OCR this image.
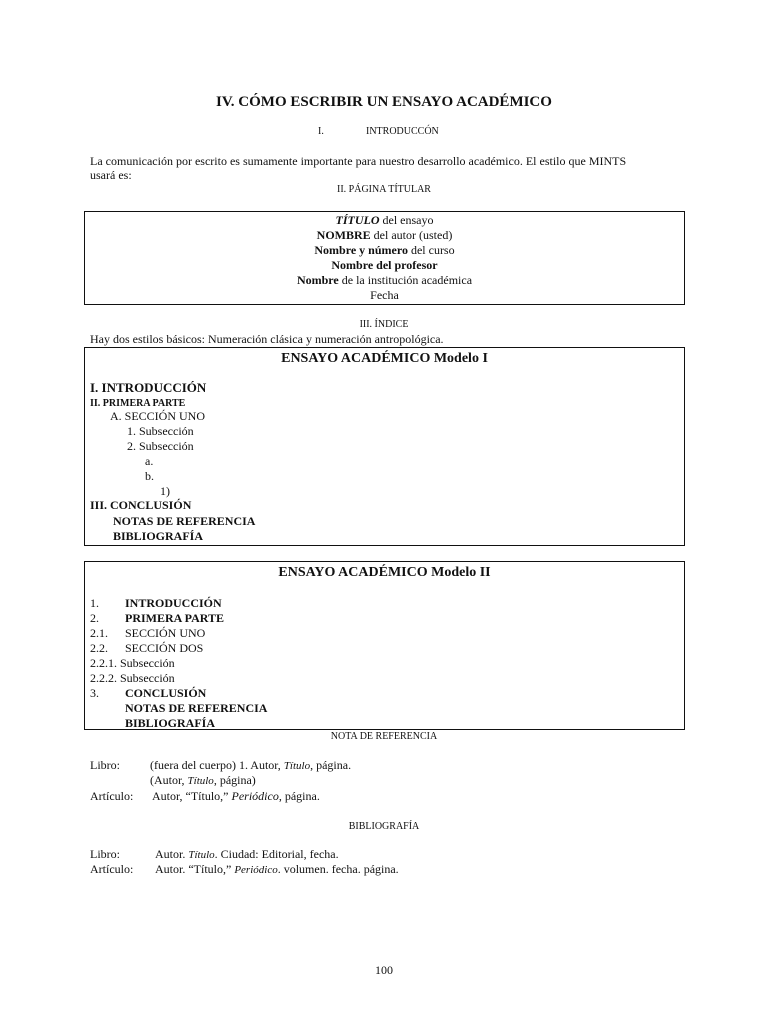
IV. CÓMO ESCRIBIR UN ENSAYO ACADÉMICO
I.	INTRODUCCÓN
La comunicación por escrito es sumamente importante para nuestro desarrollo académico. El estilo que MINTS
usará es:
II. PÁGINA TÍTULAR
TÍTULO del ensayo
NOMBRE del autor (usted)
Nombre y número del curso
Nombre del profesor
Nombre de la institución académica
Fecha
III. ÍNDICE
Hay dos estilos básicos: Numeración clásica y numeración antropológica.
ENSAYO ACADÉMICO Modelo I
I. INTRODUCCIÓN
II. PRIMERA PARTE
A. SECCIÓN UNO
1. Subsección
2. Subsección
a.
b.
1)
III. CONCLUSIÓN
NOTAS DE REFERENCIA
BIBLIOGRAFÍA
ENSAYO ACADÉMICO Modelo II
1. INTRODUCCIÓN
2. PRIMERA PARTE
2.1. SECCIÓN UNO
2.2. SECCIÓN DOS
2.2.1. Subsección
2.2.2. Subsección
3. CONCLUSIÓN
NOTAS DE REFERENCIA
BIBLIOGRAFÍA
NOTA DE REFERENCIA
Libro:	(fuera del cuerpo) 1. Autor, Título, página.
(Autor, Título, página)
Artículo: Autor, “Título,” Periódico, página.
BIBLIOGRAFÍA
Libro:	Autor. Título. Ciudad: Editorial, fecha.
Artículo: Autor. “Título,” Periódico. volumen. fecha. página.
100
